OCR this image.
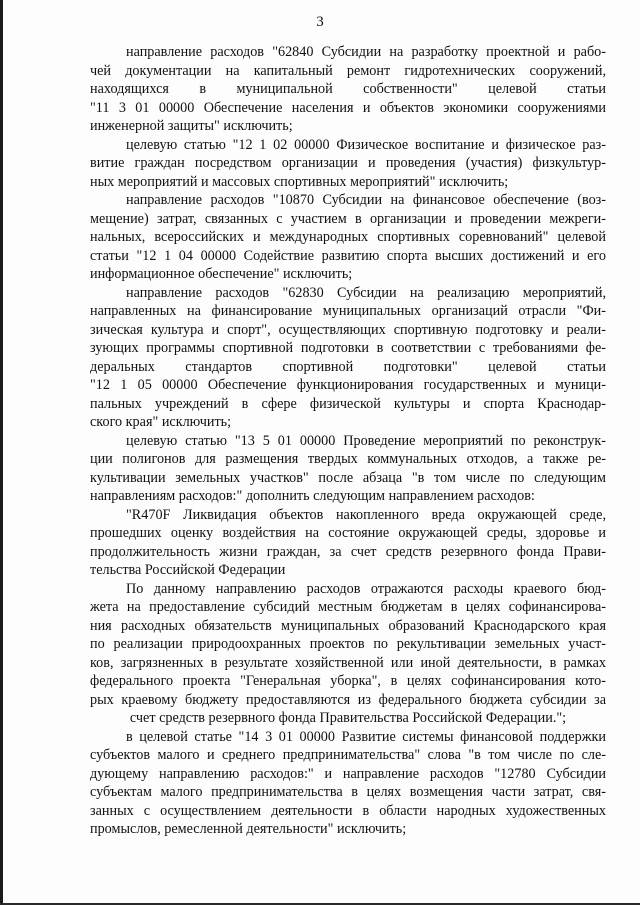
3
направление расходов "62840 Субсидии на разработку проектной и рабо-
чей документации на капитальный ремонт гидротехнических сооружений,
находящихся в муниципальной собственности" целевой статьи
"11 3 01 00000 Обеспечение населения и объектов экономики сооружениями
инженерной защиты" исключить;
целевую статью "12 1 02 00000 Физическое воспитание и физическое раз-
витие граждан посредством организации и проведения (участия) физкультур-
ных мероприятий и массовых спортивных мероприятий" исключить;
направление расходов "10870 Субсидии на финансовое обеспечение (воз-
мещение) затрат, связанных с участием в организации и проведении межреги-
нальных, всероссийских и международных спортивных соревнований" целевой
статьи "12 1 04 00000 Содействие развитию спорта высших достижений и его
информационное обеспечение" исключить;
направление расходов "62830 Субсидии на реализацию мероприятий,
направленных на финансирование муниципальных организаций отрасли "Фи-
зическая культура и спорт", осуществляющих спортивную подготовку и реали-
зующих программы спортивной подготовки в соответствии с требованиями фе-
деральных стандартов спортивной подготовки" целевой статьи
"12 1 05 00000 Обеспечение функционирования государственных и муници-
пальных учреждений в сфере физической культуры и спорта Краснодар-
ского края" исключить;
целевую статью "13 5 01 00000 Проведение мероприятий по реконструк-
ции полигонов для размещения твердых коммунальных отходов, а также ре-
культивации земельных участков" после абзаца "в том числе по следующим
направлениям расходов:" дополнить следующим направлением расходов:
"R470F Ликвидация объектов накопленного вреда окружающей среде,
прошедших оценку воздействия на состояние окружающей среды, здоровье и
продолжительность жизни граждан, за счет средств резервного фонда Прави-
тельства Российской Федерации
По данному направлению расходов отражаются расходы краевого бюд-
жета на предоставление субсидий местным бюджетам в целях софинансирова-
ния расходных обязательств муниципальных образований Краснодарского края
по реализации природоохранных проектов по рекультивации земельных участ-
ков, загрязненных в результате хозяйственной или иной деятельности, в рамках
федерального проекта "Генеральная уборка", в целях софинансирования кото-
рых краевому бюджету предоставляются из федерального бюджета субсидии за
счет средств резервного фонда Правительства Российской Федерации.";
в целевой статье "14 3 01 00000 Развитие системы финансовой поддержки
субъектов малого и среднего предпринимательства" слова "в том числе по сле-
дующему направлению расходов:" и направление расходов "12780 Субсидии
субъектам малого предпринимательства в целях возмещения части затрат, свя-
занных с осуществлением деятельности в области народных художественных
промыслов, ремесленной деятельности" исключить;
